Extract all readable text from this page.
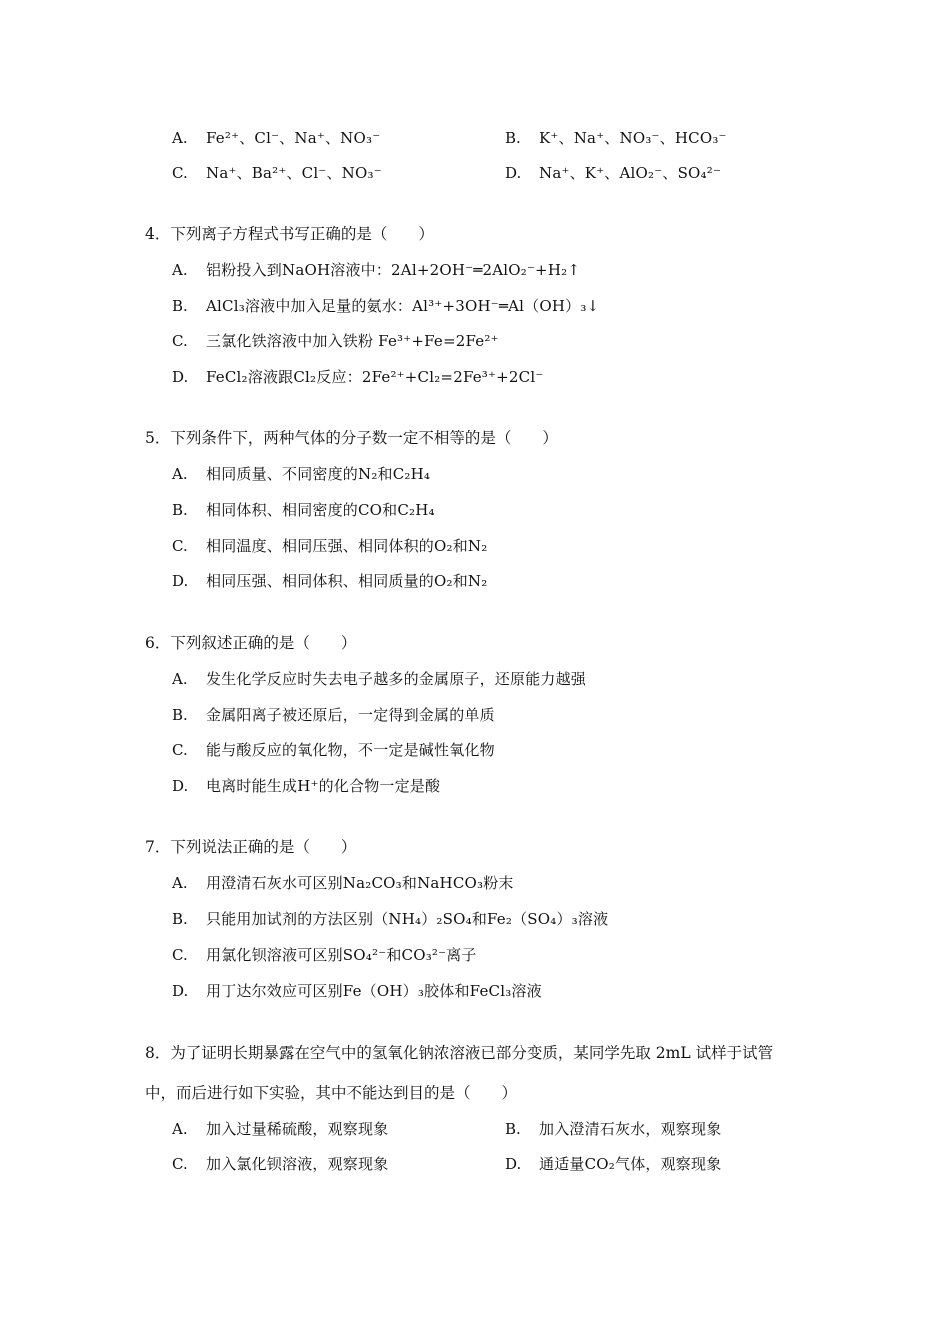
A. Fe²⁺、Cl⁻、Na⁺、NO₃⁻	B. K⁺、Na⁺、NO₃⁻、HCO₃⁻
C. Na⁺、Ba²⁺、Cl⁻、NO₃⁻	D. Na⁺、K⁺、AlO₂⁻、SO₄²⁻
4．下列离子方程式书写正确的是（　　）
A. 铝粉投入到NaOH溶液中：2Al+2OH⁻═2AlO₂⁻+H₂↑
B. AlCl₃溶液中加入足量的氨水：Al³⁺+3OH⁻═Al（OH）₃↓
C. 三氯化铁溶液中加入铁粉 Fe³⁺+Fe=2Fe²⁺
D. FeCl₂溶液跟Cl₂反应：2Fe²⁺+Cl₂=2Fe³⁺+2Cl⁻
5．下列条件下，两种气体的分子数一定不相等的是（　　）
A. 相同质量、不同密度的N₂和C₂H₄
B. 相同体积、相同密度的CO和C₂H₄
C. 相同温度、相同压强、相同体积的O₂和N₂
D. 相同压强、相同体积、相同质量的O₂和N₂
6．下列叙述正确的是（　　）
A. 发生化学反应时失去电子越多的金属原子，还原能力越强
B. 金属阳离子被还原后，一定得到金属的单质
C. 能与酸反应的氧化物，不一定是碱性氧化物
D. 电离时能生成H⁺的化合物一定是酸
7．下列说法正确的是（　　）
A. 用澄清石灰水可区别Na₂CO₃和NaHCO₃粉末
B. 只能用加试剂的方法区别（NH₄）₂SO₄和Fe₂（SO₄）₃溶液
C. 用氯化钡溶液可区别SO₄²⁻和CO₃²⁻离子
D. 用丁达尔效应可区别Fe（OH）₃胶体和FeCl₃溶液
8．为了证明长期暴露在空气中的氢氧化钠浓溶液已部分变质，某同学先取 2mL 试样于试管
中，而后进行如下实验，其中不能达到目的是（　　）
A. 加入过量稀硫酸，观察现象	B. 加入澄清石灰水，观察现象
C. 加入氯化钡溶液，观察现象	D. 通适量CO₂气体，观察现象
